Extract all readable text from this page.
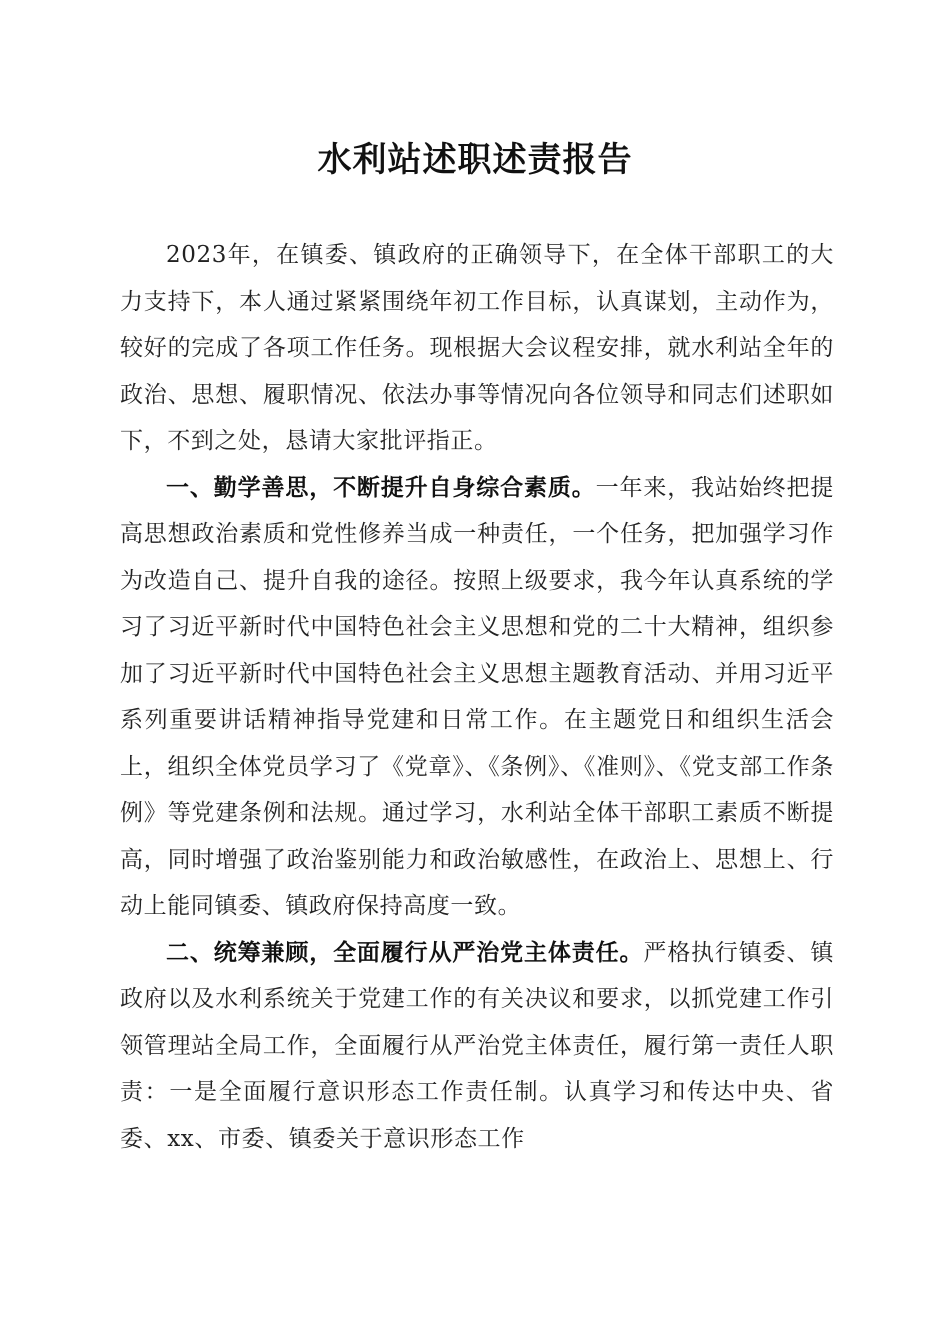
水利站述职述责报告

2023年，在镇委、镇政府的正确领导下，在全体干部职工的大力支持下，本人通过紧紧围绕年初工作目标，认真谋划，主动作为，较好的完成了各项工作任务。现根据大会议程安排，就水利站全年的政治、思想、履职情况、依法办事等情况向各位领导和同志们述职如下，不到之处，恳请大家批评指正。

一、勤学善思，不断提升自身综合素质。一年来，我站始终把提高思想政治素质和党性修养当成一种责任，一个任务，把加强学习作为改造自己、提升自我的途径。按照上级要求，我今年认真系统的学习了习近平新时代中国特色社会主义思想和党的二十大精神，组织参加了习近平新时代中国特色社会主义思想主题教育活动、并用习近平系列重要讲话精神指导党建和日常工作。在主题党日和组织生活会上，组织全体党员学习了《党章》、《条例》、《准则》、《党支部工作条例》等党建条例和法规。通过学习，水利站全体干部职工素质不断提高，同时增强了政治鉴别能力和政治敏感性，在政治上、思想上、行动上能同镇委、镇政府保持高度一致。

二、统筹兼顾，全面履行从严治党主体责任。严格执行镇委、镇政府以及水利系统关于党建工作的有关决议和要求，以抓党建工作引领管理站全局工作，全面履行从严治党主体责任，履行第一责任人职责：一是全面履行意识形态工作责任制。认真学习和传达中央、省委、xx、市委、镇委关于意识形态工作
